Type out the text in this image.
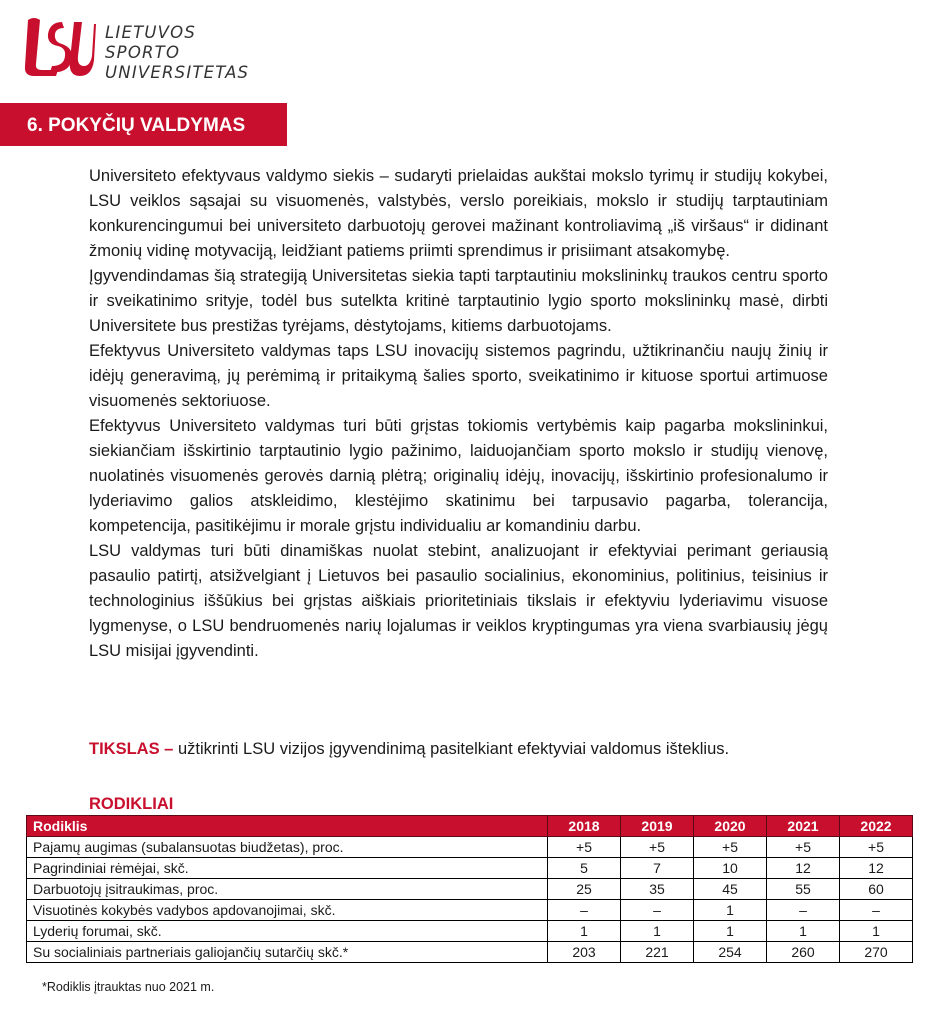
LIETUVOS
SPORTO
UNIVERSITETAS
6. POKYČIŲ VALDYMAS

Universiteto efektyvaus valdymo siekis – sudaryti prielaidas aukštai mokslo tyrimų ir studijų kokybei, LSU veiklos sąsajai su visuomenės, valstybės, verslo poreikiais, mokslo ir studijų tarptautiniam konkurencingumui bei universiteto darbuotojų gerovei mažinant kontroliavimą „iš viršaus“ ir didinant žmonių vidinę motyvaciją, leidžiant patiems priimti sprendimus ir prisiimant atsakomybę.

Įgyvendindamas šią strategiją Universitetas siekia tapti tarptautiniu mokslininkų traukos centru sporto ir sveikatinimo srityje, todėl bus sutelkta kritinė tarptautinio lygio sporto mokslininkų masė, dirbti Universitete bus prestižas tyrėjams, dėstytojams, kitiems darbuotojams.

Efektyvus Universiteto valdymas taps LSU inovacijų sistemos pagrindu, užtikrinančiu naujų žinių ir idėjų generavimą, jų perėmimą ir pritaikymą šalies sporto, sveikatinimo ir kituose sportui artimuose visuomenės sektoriuose.

Efektyvus Universiteto valdymas turi būti grįstas tokiomis vertybėmis kaip pagarba mokslininkui, siekiančiam išskirtinio tarptautinio lygio pažinimo, laiduojančiam sporto mokslo ir studijų vienovę, nuolatinės visuomenės gerovės darnią plėtrą; originalių idėjų, inovacijų, išskirtinio profesionalumo ir lyderiavimo galios atskleidimo, klestėjimo skatinimu bei tarpusavio pagarba, tolerancija, kompetencija, pasitikėjimu ir morale grįstu individualiu ar komandiniu darbu.

LSU valdymas turi būti dinamiškas nuolat stebint, analizuojant ir efektyviai perimant geriausią pasaulio patirtį, atsižvelgiant į Lietuvos bei pasaulio socialinius, ekonominius, politinius, teisinius ir technologinius iššūkius bei grįstas aiškiais prioritetiniais tikslais ir efektyviu lyderiavimu visuose lygmenyse, o LSU bendruomenės narių lojalumas ir veiklos kryptingumas yra viena svarbiausių jėgų LSU misijai įgyvendinti.

TIKSLAS – užtikrinti LSU vizijos įgyvendinimą pasitelkiant efektyviai valdomus išteklius.
RODIKLIAI
Rodiklis	2018	2019	2020	2021	2022
Pajamų augimas (subalansuotas biudžetas), proc.	+5	+5	+5	+5	+5
Pagrindiniai rėmėjai, skč.	5	7	10	12	12
Darbuotojų įsitraukimas, proc.	25	35	45	55	60
Visuotinės kokybės vadybos apdovanojimai, skč.	–	–	1	–	–
Lyderių forumai, skč.	1	1	1	1	1
Su socialiniais partneriais galiojančių sutarčių skč.*	203	221	254	260	270
*Rodiklis įtrauktas nuo 2021 m.
